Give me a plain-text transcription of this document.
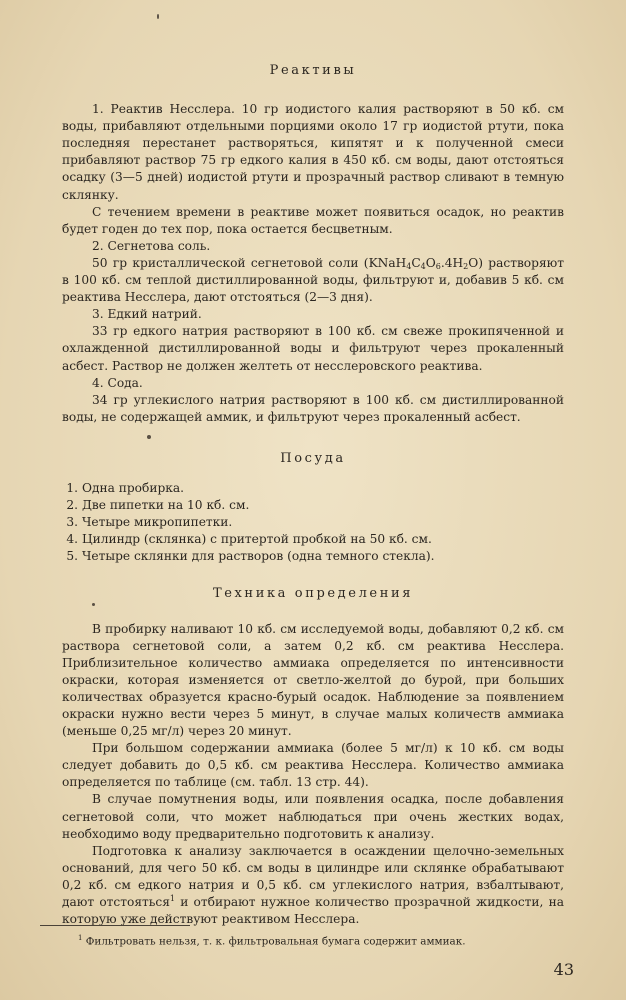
Реактивы

1. Реактив Несслера. 10 гр иодистого калия растворяют в 50 кб. см воды, прибавляют отдельными порциями около 17 гр иодистой ртути, пока последняя перестанет растворяться, кипятят и к полученной смеси прибавляют раствор 75 гр едкого калия в 450 кб. см воды, дают отстояться осадку (3—5 дней) иодистой ртути и прозрачный раствор сливают в темную склянку.

С течением времени в реактиве может появиться осадок, но реактив будет годен до тех пор, пока остается бесцветным.

2. Сегнетова соль.

50 гр кристаллической сегнетовой соли $(KNaH_4C_4O_6.4H_2O)$ растворяют в 100 кб. см теплой дистиллированной воды, фильтруют и, добавив 5 кб. см реактива Несслера, дают отстояться (2—3 дня).

3. Едкий натрий.

33 гр едкого натрия растворяют в 100 кб. см свеже прокипяченной и охлажденной дистиллированной воды и фильтруют через прокаленный асбест. Раствор не должен желтеть от несслеровского реактива.

4. Сода.

34 гр углекислого натрия растворяют в 100 кб. см дистиллированной воды, не содержащей аммик, и фильтруют через прокаленный асбест.

Посуда
1. Одна пробирка.
2. Две пипетки на 10 кб. см.
3. Четыре микропипетки.
4. Цилиндр (склянка) с притертой пробкой на 50 кб. см.
5. Четыре склянки для растворов (одна темного стекла).
Техника определения

В пробирку наливают 10 кб. см исследуемой воды, добавляют 0,2 кб. см раствора сегнетовой соли, а затем 0,2 кб. см реактива Несслера. Приблизительное количество аммиака определяется по интенсивности окраски, которая изменяется от светло-желтой до бурой, при больших количествах образуется красно-бурый осадок. Наблюдение за появлением окраски нужно вести через 5 минут, в случае малых количеств аммиака (меньше 0,25 мг/л) через 20 минут.

При большом содержании аммиака (более 5 мг/л) к 10 кб. см воды следует добавить до 0,5 кб. см реактива Несслера. Количество аммиака определяется по таблице (см. табл. 13 стр. 44).

В случае помутнения воды, или появления осадка, после добавления сегнетовой соли, что может наблюдаться при очень жестких водах, необходимо воду предварительно подготовить к анализу.

Подготовка к анализу заключается в осаждении щелочно-земельных оснований, для чего 50 кб. см воды в цилиндре или склянке обрабатывают 0,2 кб. см едкого натрия и 0,5 кб. см углекислого натрия, взбалтывают, дают отстояться$^1$ и отбирают нужное количество прозрачной жидкости, на которую уже действуют реактивом Несслера.

$^1$ Фильтровать нельзя, т. к. фильтровальная бумага содержит аммиак.
43
